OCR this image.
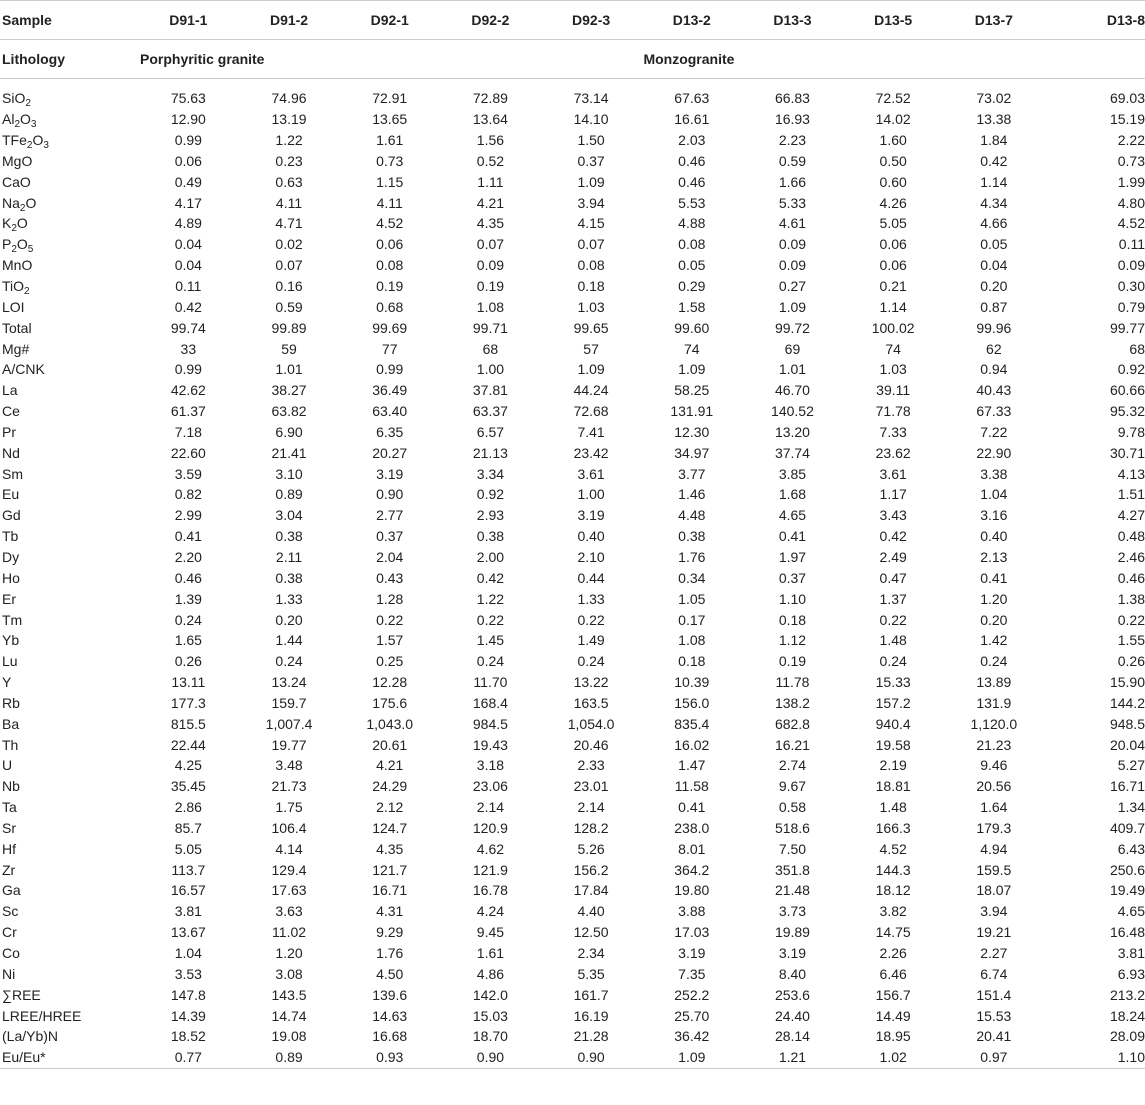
Sample	D91-1	D91-2	D92-1	D92-2	D92-3	D13-2	D13-3	D13-5	D13-7	D13-8
Lithology	Porphyritic granite					Monzogranite				

SiO$_2$	75.63	74.96	72.91	72.89	73.14	67.63	66.83	72.52	73.02	69.03
$Al_2O_3$	12.90	13.19	13.65	13.64	14.10	16.61	16.93	14.02	13.38	15.19
$TFe_2O_3$	0.99	1.22	1.61	1.56	1.50	2.03	2.23	1.60	1.84	2.22
MgO	0.06	0.23	0.73	0.52	0.37	0.46	0.59	0.50	0.42	0.73
CaO	0.49	0.63	1.15	1.11	1.09	0.46	1.66	0.60	1.14	1.99
$Na_2O$	4.17	4.11	4.11	4.21	3.94	5.53	5.33	4.26	4.34	4.80
$K_2O$	4.89	4.71	4.52	4.35	4.15	4.88	4.61	5.05	4.66	4.52
$P_2O_5$	0.04	0.02	0.06	0.07	0.07	0.08	0.09	0.06	0.05	0.11
MnO	0.04	0.07	0.08	0.09	0.08	0.05	0.09	0.06	0.04	0.09
TiO$_2$	0.11	0.16	0.19	0.19	0.18	0.29	0.27	0.21	0.20	0.30
LOI	0.42	0.59	0.68	1.08	1.03	1.58	1.09	1.14	0.87	0.79
Total	99.74	99.89	99.69	99.71	99.65	99.60	99.72	100.02	99.96	99.77
Mg#	33	59	77	68	57	74	69	74	62	68
A/CNK	0.99	1.01	0.99	1.00	1.09	1.09	1.01	1.03	0.94	0.92
La	42.62	38.27	36.49	37.81	44.24	58.25	46.70	39.11	40.43	60.66
Ce	61.37	63.82	63.40	63.37	72.68	131.91	140.52	71.78	67.33	95.32
Pr	7.18	6.90	6.35	6.57	7.41	12.30	13.20	7.33	7.22	9.78
Nd	22.60	21.41	20.27	21.13	23.42	34.97	37.74	23.62	22.90	30.71
Sm	3.59	3.10	3.19	3.34	3.61	3.77	3.85	3.61	3.38	4.13
Eu	0.82	0.89	0.90	0.92	1.00	1.46	1.68	1.17	1.04	1.51
Gd	2.99	3.04	2.77	2.93	3.19	4.48	4.65	3.43	3.16	4.27
Tb	0.41	0.38	0.37	0.38	0.40	0.38	0.41	0.42	0.40	0.48
Dy	2.20	2.11	2.04	2.00	2.10	1.76	1.97	2.49	2.13	2.46
Ho	0.46	0.38	0.43	0.42	0.44	0.34	0.37	0.47	0.41	0.46
Er	1.39	1.33	1.28	1.22	1.33	1.05	1.10	1.37	1.20	1.38
Tm	0.24	0.20	0.22	0.22	0.22	0.17	0.18	0.22	0.20	0.22
Yb	1.65	1.44	1.57	1.45	1.49	1.08	1.12	1.48	1.42	1.55
Lu	0.26	0.24	0.25	0.24	0.24	0.18	0.19	0.24	0.24	0.26
Y	13.11	13.24	12.28	11.70	13.22	10.39	11.78	15.33	13.89	15.90
Rb	177.3	159.7	175.6	168.4	163.5	156.0	138.2	157.2	131.9	144.2
Ba	815.5	1,007.4	1,043.0	984.5	1,054.0	835.4	682.8	940.4	1,120.0	948.5
Th	22.44	19.77	20.61	19.43	20.46	16.02	16.21	19.58	21.23	20.04
U	4.25	3.48	4.21	3.18	2.33	1.47	2.74	2.19	9.46	5.27
Nb	35.45	21.73	24.29	23.06	23.01	11.58	9.67	18.81	20.56	16.71
Ta	2.86	1.75	2.12	2.14	2.14	0.41	0.58	1.48	1.64	1.34
Sr	85.7	106.4	124.7	120.9	128.2	238.0	518.6	166.3	179.3	409.7
Hf	5.05	4.14	4.35	4.62	5.26	8.01	7.50	4.52	4.94	6.43
Zr	113.7	129.4	121.7	121.9	156.2	364.2	351.8	144.3	159.5	250.6
Ga	16.57	17.63	16.71	16.78	17.84	19.80	21.48	18.12	18.07	19.49
Sc	3.81	3.63	4.31	4.24	4.40	3.88	3.73	3.82	3.94	4.65
Cr	13.67	11.02	9.29	9.45	12.50	17.03	19.89	14.75	19.21	16.48
Co	1.04	1.20	1.76	1.61	2.34	3.19	3.19	2.26	2.27	3.81
Ni	3.53	3.08	4.50	4.86	5.35	7.35	8.40	6.46	6.74	6.93
∑REE	147.8	143.5	139.6	142.0	161.7	252.2	253.6	156.7	151.4	213.2
LREE/HREE	14.39	14.74	14.63	15.03	16.19	25.70	24.40	14.49	15.53	18.24
(La/Yb)N	18.52	19.08	16.68	18.70	21.28	36.42	28.14	18.95	20.41	28.09
Eu/Eu*	0.77	0.89	0.93	0.90	0.90	1.09	1.21	1.02	0.97	1.10
